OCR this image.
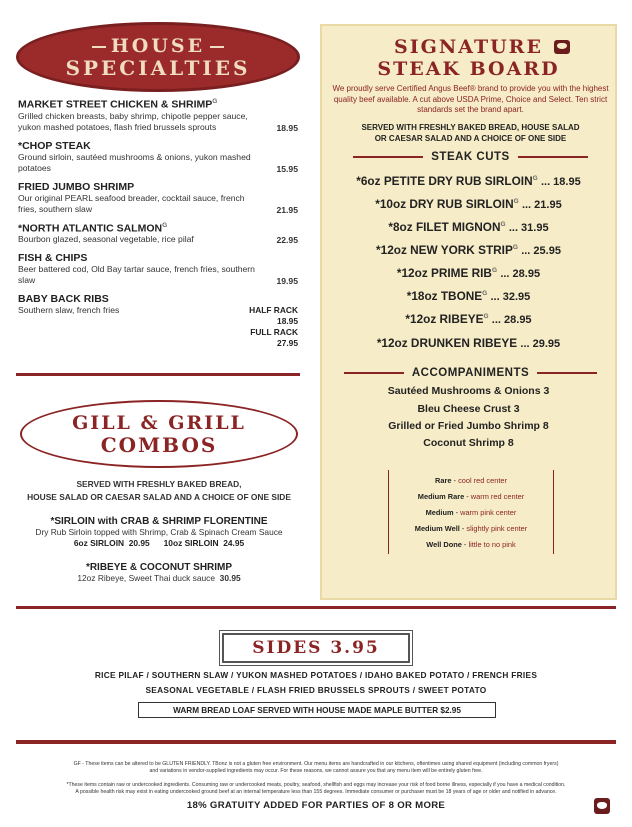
HOUSE
SPECIALTIES
MARKET STREET CHICKEN & $SHRIMP^G$
Grilled chicken breasts, baby shrimp, chipotle pepper sauce, yukon mashed potatoes, flash fried brussels sprouts	18.95
*CHOP STEAK
Ground sirloin, sautéed mushrooms & onions, yukon mashed potatoes	15.95
FRIED JUMBO SHRIMP
Our original PEARL seafood breader, cocktail sauce, french fries, southern slaw	21.95
*NORTH ATLANTIC $SALMON^G$
Bourbon glazed, seasonal vegetable, rice pilaf	22.95
FISH & CHIPS
Beer battered cod, Old Bay tartar sauce, french fries, southern slaw	19.95
BABY BACK RIBS
Southern slaw, french fries	HALF RACK 18.95
FULL RACK 27.95
GILL & GRILL
COMBOS
SERVED WITH FRESHLY BAKED BREAD,
HOUSE SALAD OR CAESAR SALAD AND A CHOICE OF ONE SIDE
*SIRLOIN with CRAB & SHRIMP FLORENTINE
Dry Rub Sirloin topped with Shrimp, Crab & Spinach Cream Sauce
6oz SIRLOIN  20.95      10oz SIRLOIN  24.95
*RIBEYE & COCONUT SHRIMP
12oz Ribeye, Sweet Thai duck sauce 30.95
SIGNATURE
STEAK BOARD
We proudly serve Certified Angus Beef® brand to provide you with the highest quality beef available. A cut above USDA Prime, Choice and Select. Ten strict standards set the brand apart.
SERVED WITH FRESHLY BAKED BREAD, HOUSE SALAD
OR CAESAR SALAD AND A CHOICE OF ONE SIDE
STEAK CUTS
*6oz PETITE DRY RUB $SIRLOIN^G$ ... 18.95
*10oz DRY RUB $SIRLOIN^G$ ... 21.95
*8oz FILET $MIGNON^G$ ... 31.95
*12oz NEW YORK $STRIP^G$ ... 25.95
*12oz PRIME $RIB^G$ ... 28.95
*18oz $TBONE^G$ ... 32.95
*12oz $RIBEYE^G$ ... 28.95
*12oz DRUNKEN RIBEYE ... 29.95
ACCOMPANIMENTS
Sautéed Mushrooms & Onions 3
Bleu Cheese Crust 3
Grilled or Fried Jumbo Shrimp 8
Coconut Shrimp 8
Rare - cool red center
Medium Rare - warm red center
Medium - warm pink center
Medium Well - slightly pink center
Well Done - little to no pink
SIDES 3.95
RICE PILAF / SOUTHERN SLAW / YUKON MASHED POTATOES / IDAHO BAKED POTATO / FRENCH FRIES
SEASONAL VEGETABLE / FLASH FRIED BRUSSELS SPROUTS / SWEET POTATO
WARM BREAD LOAF SERVED WITH HOUSE MADE MAPLE BUTTER $2.95
GF - These items can be altered to be GLUTEN FRIENDLY. TBonz is not a gluten free environment. Our menu items are handcrafted in our kitchens, oftentimes using shared equipment (including common fryers)
and variations in vendor-supplied ingredients may occur. For these reasons, we cannot assure you that any menu item will be entirely gluten free.
*These items contain raw or undercooked ingredients. Consuming raw or undercooked meats, poultry, seafood, shellfish and eggs may increase your risk of food borne illness, especially if you have a medical condition.
A possible health risk may exist in eating undercooked ground beef at an internal temperature less than 155 degrees. Immediate consumer or purchaser must be 18 years of age or older and notified in advance.
18% GRATUITY ADDED FOR PARTIES OF 8 OR MORE
